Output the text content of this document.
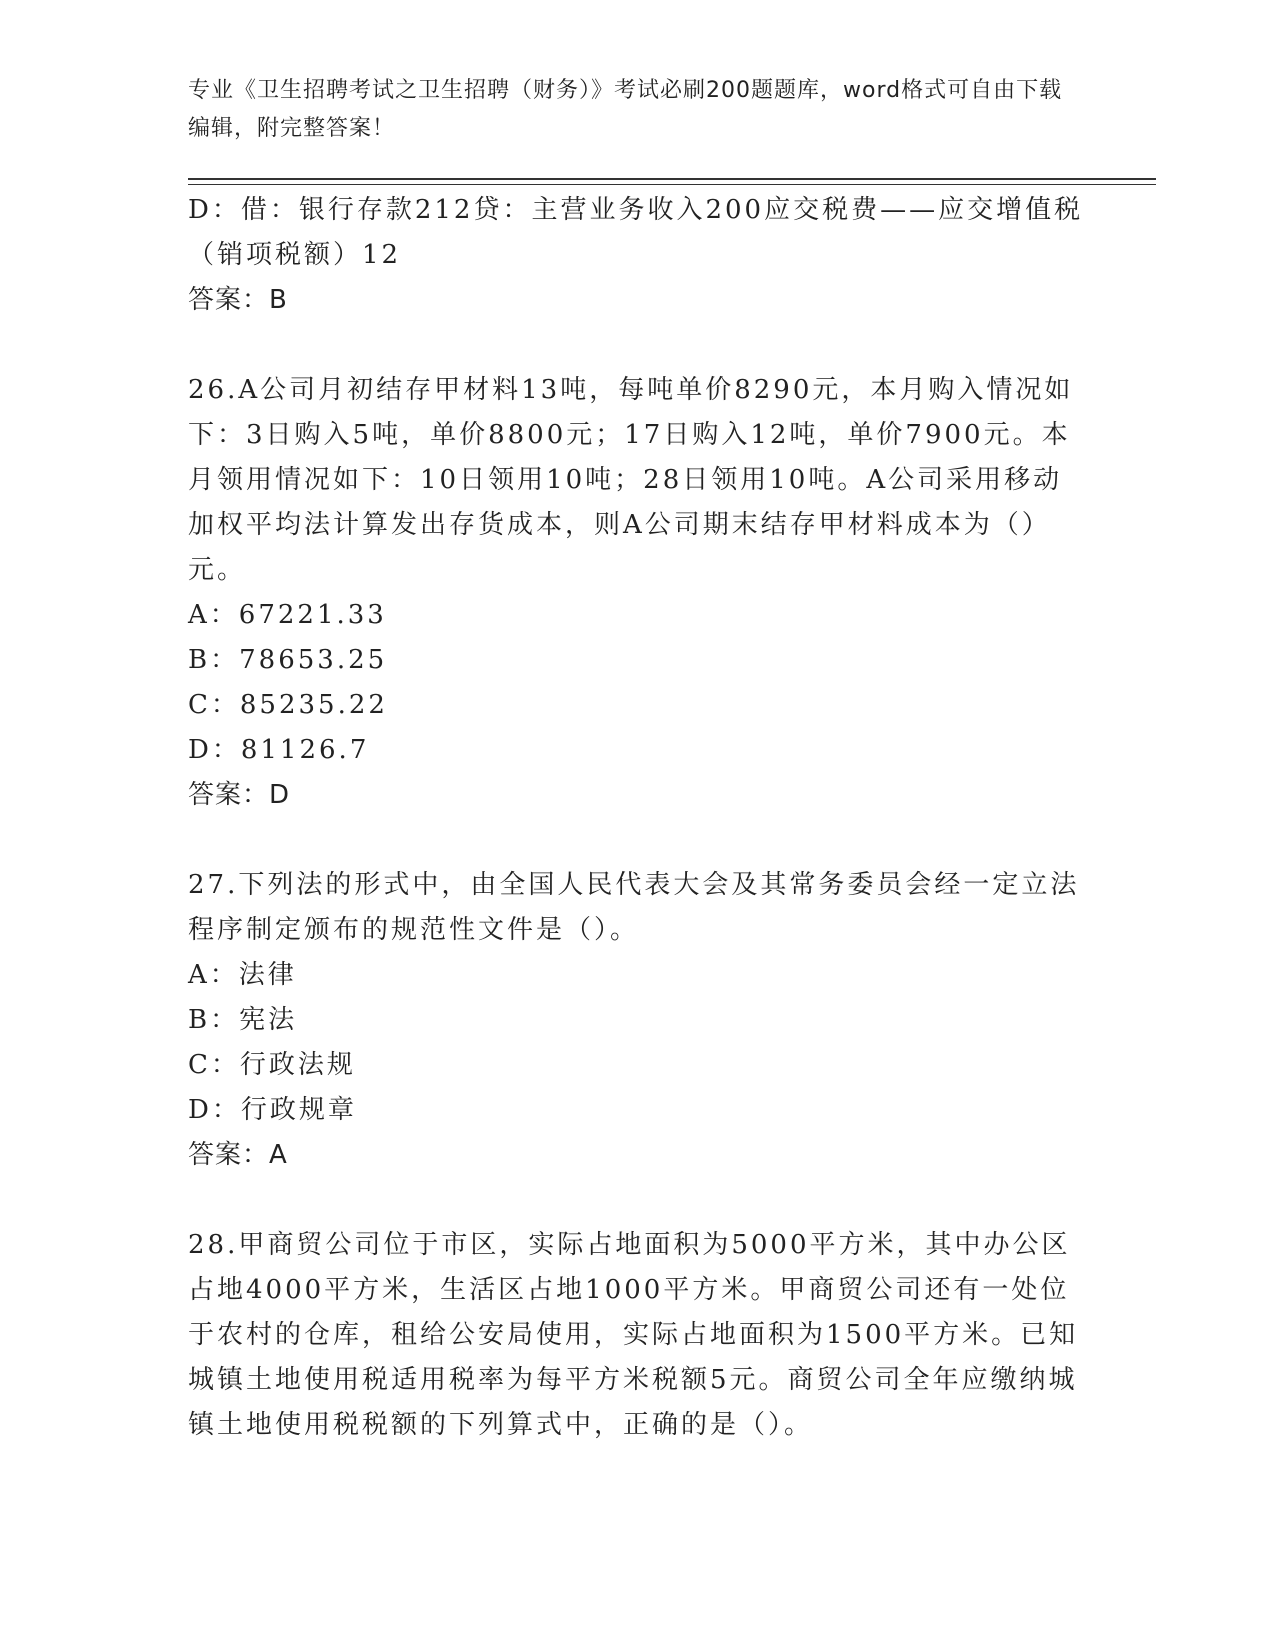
专业《卫生招聘考试之卫生招聘（财务）》考试必刷200题题库，word格式可自由下载编辑，附完整答案！

D：借：银行存款212贷：主营业务收入200应交税费——应交增值税（销项税额）12

答案：B

26.A公司月初结存甲材料13吨，每吨单价8290元，本月购入情况如下：3日购入5吨，单价8800元；17日购入12吨，单价7900元。本月领用情况如下：10日领用10吨；28日领用10吨。A公司采用移动加权平均法计算发出存货成本，则A公司期末结存甲材料成本为（）元。

A：67221.33

B：78653.25

C：85235.22

D：81126.7

答案：D

27.下列法的形式中，由全国人民代表大会及其常务委员会经一定立法程序制定颁布的规范性文件是（）。

A：法律

B：宪法

C：行政法规

D：行政规章

答案：A

28.甲商贸公司位于市区，实际占地面积为5000平方米，其中办公区占地4000平方米，生活区占地1000平方米。甲商贸公司还有一处位于农村的仓库，租给公安局使用，实际占地面积为1500平方米。已知城镇土地使用税适用税率为每平方米税额5元。商贸公司全年应缴纳城镇土地使用税税额的下列算式中，正确的是（）。
